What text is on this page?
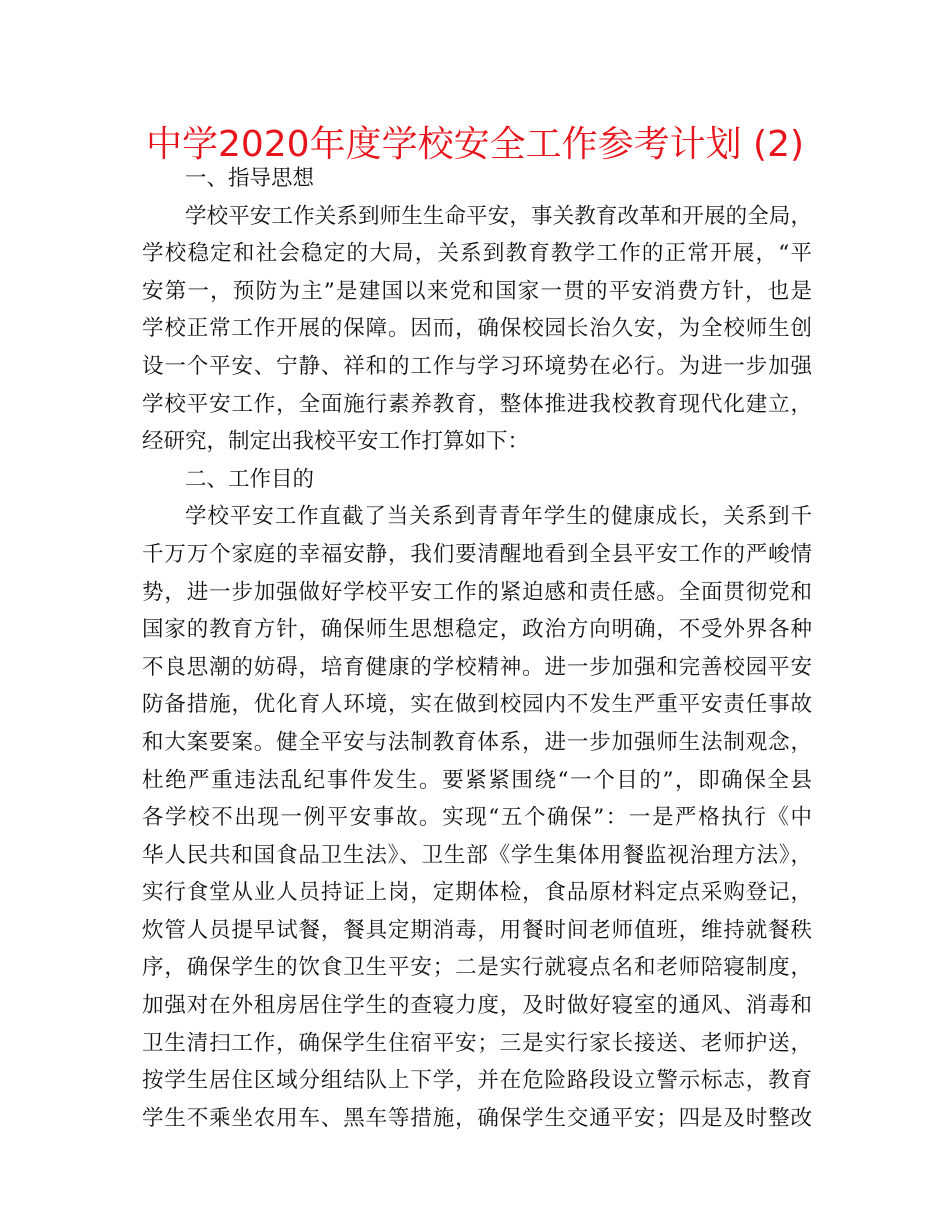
中学2020年度学校安全工作参考计划 (2)
一、指导思想
学校平安工作关系到师生生命平安，事关教育改革和开展的全局，
学校稳定和社会稳定的大局，关系到教育教学工作的正常开展，“平
安第一，预防为主”是建国以来党和国家一贯的平安消费方针，也是
学校正常工作开展的保障。因而，确保校园长治久安，为全校师生创
设一个平安、宁静、祥和的工作与学习环境势在必行。为进一步加强
学校平安工作，全面施行素养教育，整体推进我校教育现代化建立，
经研究，制定出我校平安工作打算如下：
二、工作目的
学校平安工作直截了当关系到青青年学生的健康成长，关系到千
千万万个家庭的幸福安静，我们要清醒地看到全县平安工作的严峻情
势，进一步加强做好学校平安工作的紧迫感和责任感。全面贯彻党和
国家的教育方针，确保师生思想稳定，政治方向明确，不受外界各种
不良思潮的妨碍，培育健康的学校精神。进一步加强和完善校园平安
防备措施，优化育人环境，实在做到校园内不发生严重平安责任事故
和大案要案。健全平安与法制教育体系，进一步加强师生法制观念，
杜绝严重违法乱纪事件发生。要紧紧围绕“一个目的”，即确保全县
各学校不出现一例平安事故。实现“五个确保”：一是严格执行《中
华人民共和国食品卫生法》、卫生部《学生集体用餐监视治理方法》，
实行食堂从业人员持证上岗，定期体检，食品原材料定点采购登记，
炊管人员提早试餐，餐具定期消毒，用餐时间老师值班，维持就餐秩
序，确保学生的饮食卫生平安；二是实行就寝点名和老师陪寝制度，
加强对在外租房居住学生的查寝力度，及时做好寝室的通风、消毒和
卫生清扫工作，确保学生住宿平安；三是实行家长接送、老师护送，
按学生居住区域分组结队上下学，并在危险路段设立警示标志，教育
学生不乘坐农用车、黑车等措施，确保学生交通平安；四是及时整改
